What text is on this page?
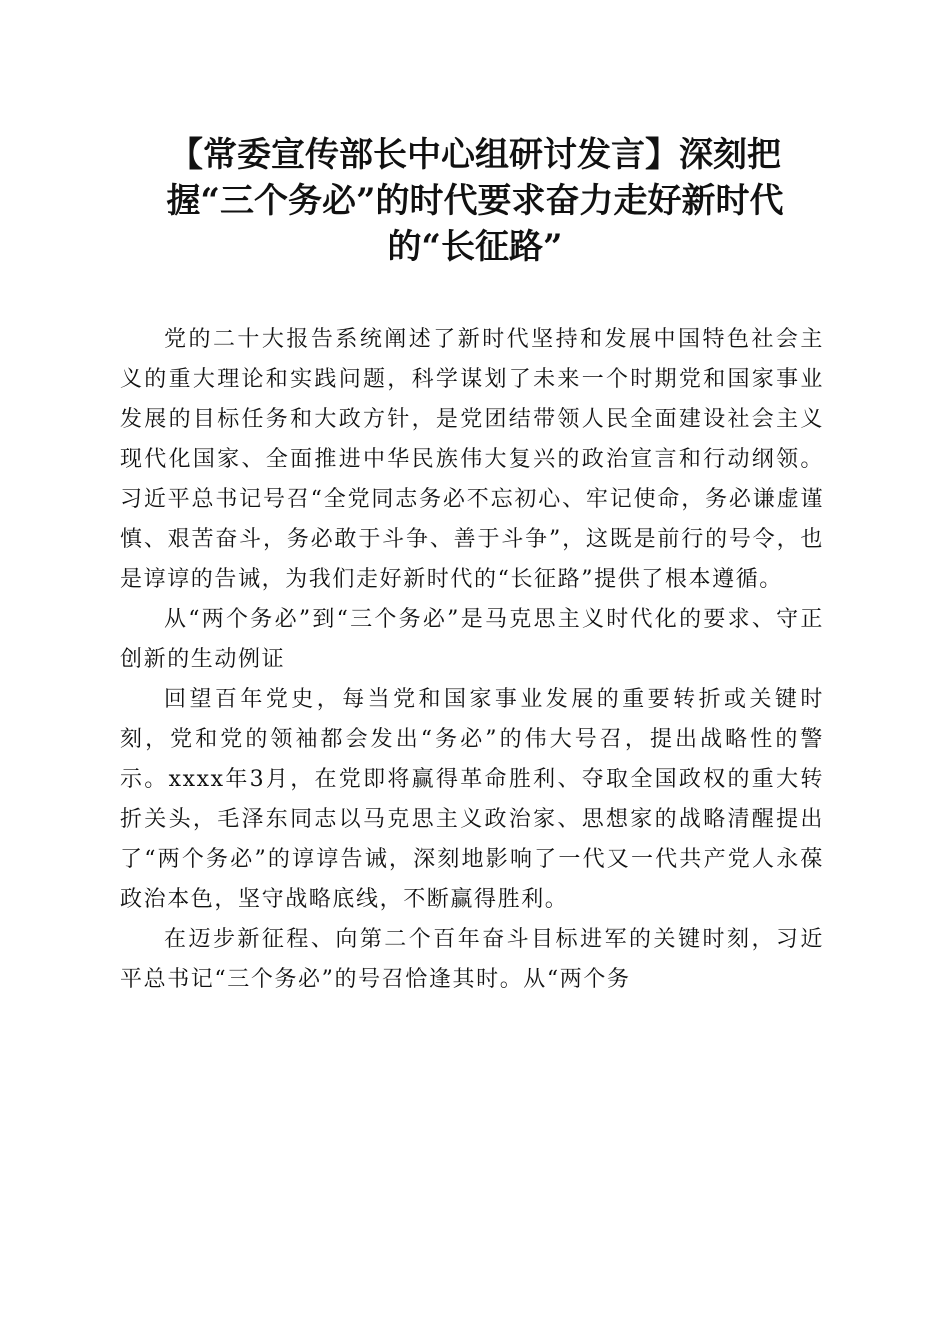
【常委宣传部长中心组研讨发言】深刻把
握“三个务必”的时代要求奋力走好新时代
的“长征路”

党的二十大报告系统阐述了新时代坚持和发展中国特色社会主义的重大理论和实践问题，科学谋划了未来一个时期党和国家事业发展的目标任务和大政方针，是党团结带领人民全面建设社会主义现代化国家、全面推进中华民族伟大复兴的政治宣言和行动纲领。习近平总书记号召“全党同志务必不忘初心、牢记使命，务必谦虚谨慎、艰苦奋斗，务必敢于斗争、善于斗争”，这既是前行的号令，也是谆谆的告诫，为我们走好新时代的“长征路”提供了根本遵循。

从“两个务必”到“三个务必”是马克思主义时代化的要求、守正创新的生动例证

回望百年党史，每当党和国家事业发展的重要转折或关键时刻，党和党的领袖都会发出“务必”的伟大号召，提出战略性的警示。xxxx年3月，在党即将赢得革命胜利、夺取全国政权的重大转折关头，毛泽东同志以马克思主义政治家、思想家的战略清醒提出了“两个务必”的谆谆告诫，深刻地影响了一代又一代共产党人永葆政治本色，坚守战略底线，不断赢得胜利。

在迈步新征程、向第二个百年奋斗目标进军的关键时刻，习近平总书记“三个务必”的号召恰逢其时。从“两个务
